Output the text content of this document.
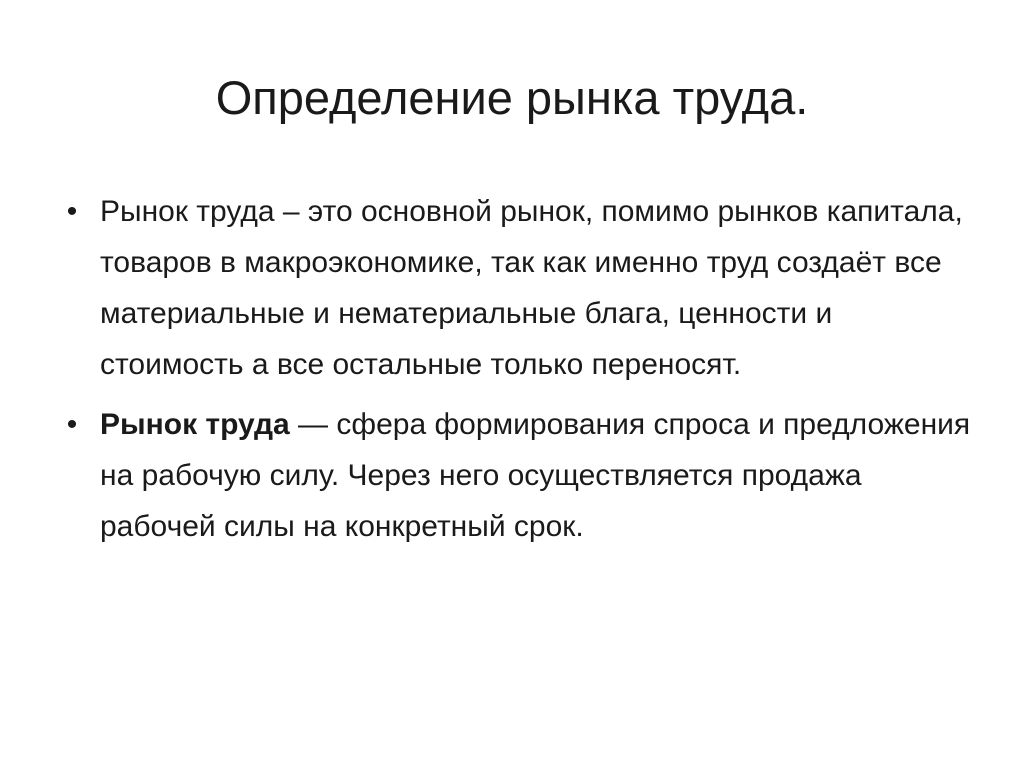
Определение рынка труда.
• Рынок труда – это основной рынок, помимо рынков капитала, товаров в макроэкономике, так как именно труд создаёт все материальные и нематериальные блага, ценности и стоимость а все остальные только переносят.
• Рынок труда — сфера формирования спроса и предложения на рабочую силу. Через него осуществляется продажа рабочей силы на конкретный срок.
